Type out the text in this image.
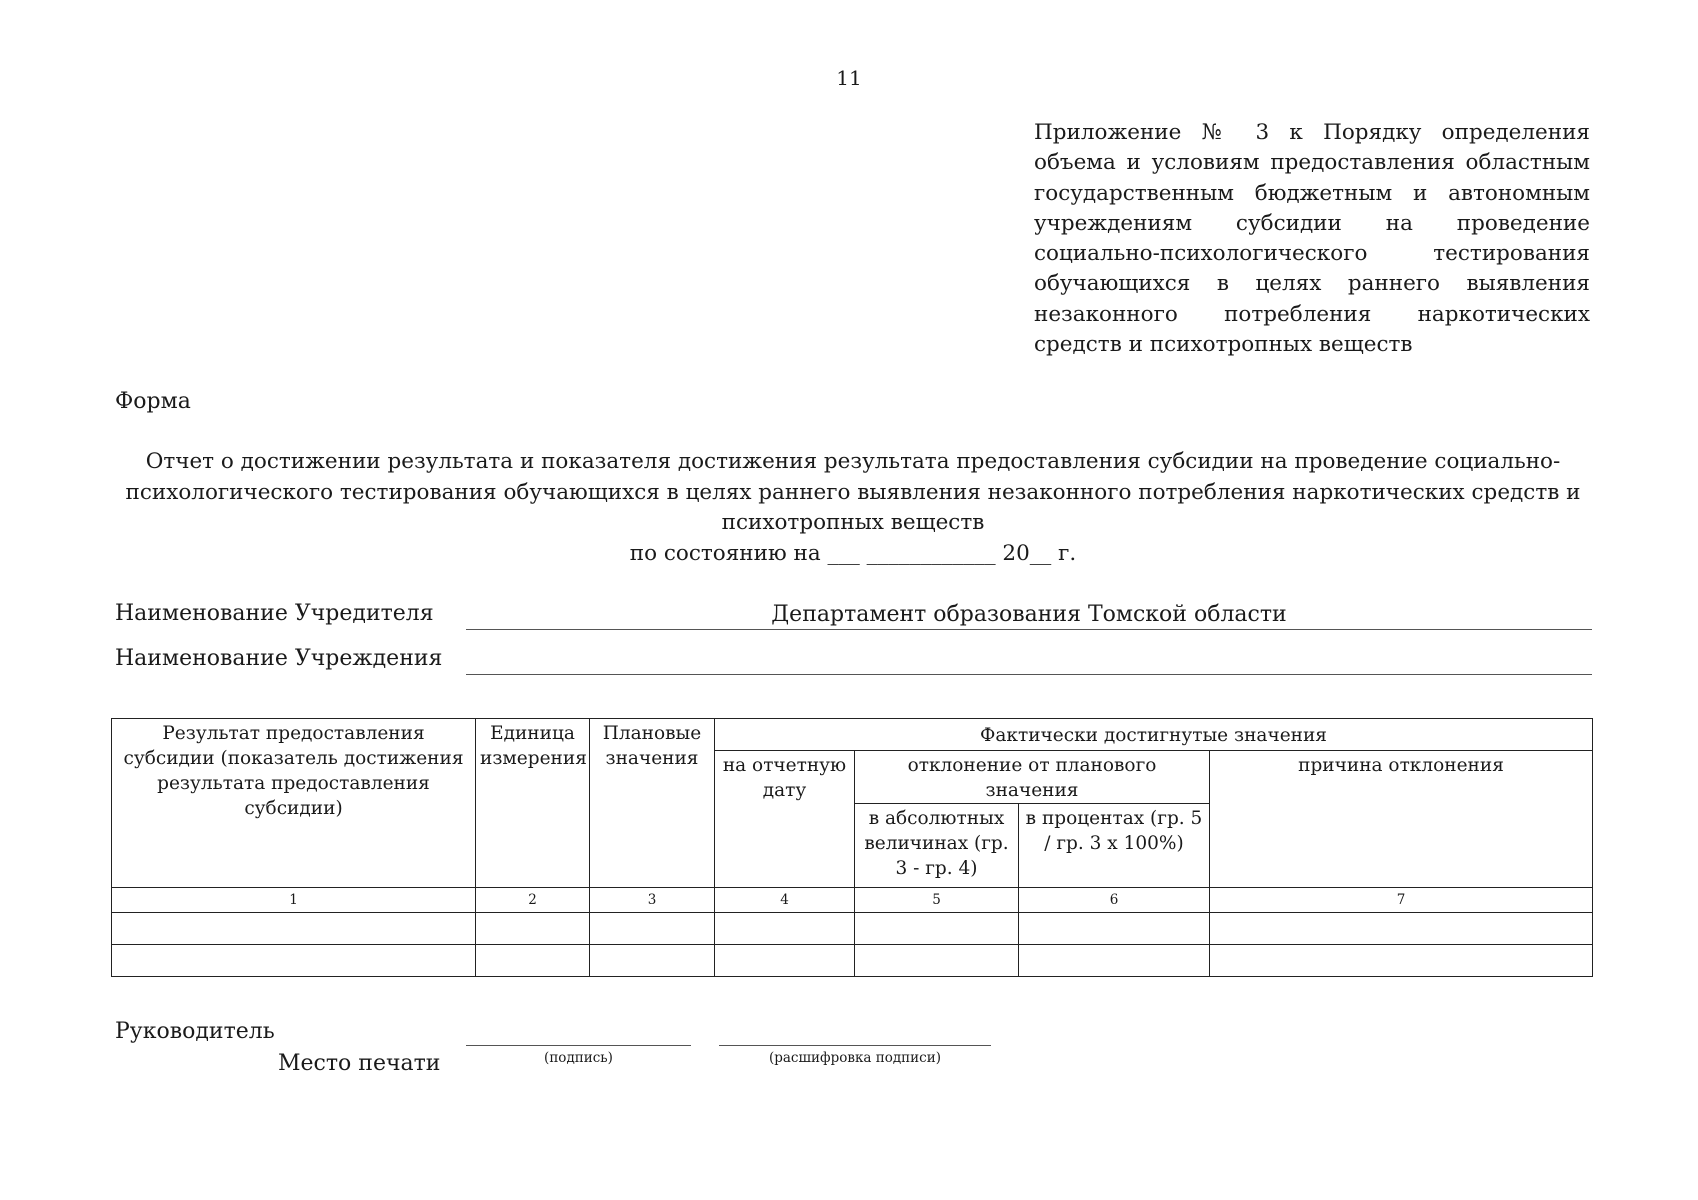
11
Приложение № 3 к Порядку определения объема и условиям предоставления областным государственным бюджетным и автономным учреждениям субсидии на проведение социально-психологического тестирования обучающихся в целях раннего выявления незаконного потребления наркотических средств и психотропных веществ
Форма
Отчет о достижении результата и показателя достижения результата предоставления субсидии на проведение социально-психологического тестирования обучающихся в целях раннего выявления незаконного потребления наркотических средств и психотропных веществ
по состоянию на ___ ____________ 20__ г.
Наименование Учредителя	Департамент образования Томской области
Наименование Учреждения
Результат предоставления субсидии (показатель достижения результата предоставления субсидии)	Единица измерения	Плановые значения	Фактически достигнутые значения			
			на отчетную дату	отклонение от планового значения		причина отклонения
				в абсолютных величинах (гр. 3 - гр. 4)	в процентах (гр. 5 / гр. 3 x 100%)	
1	2	3	4	5	6	7

Руководитель
Место печати	(подпись)	(расшифровка подписи)
